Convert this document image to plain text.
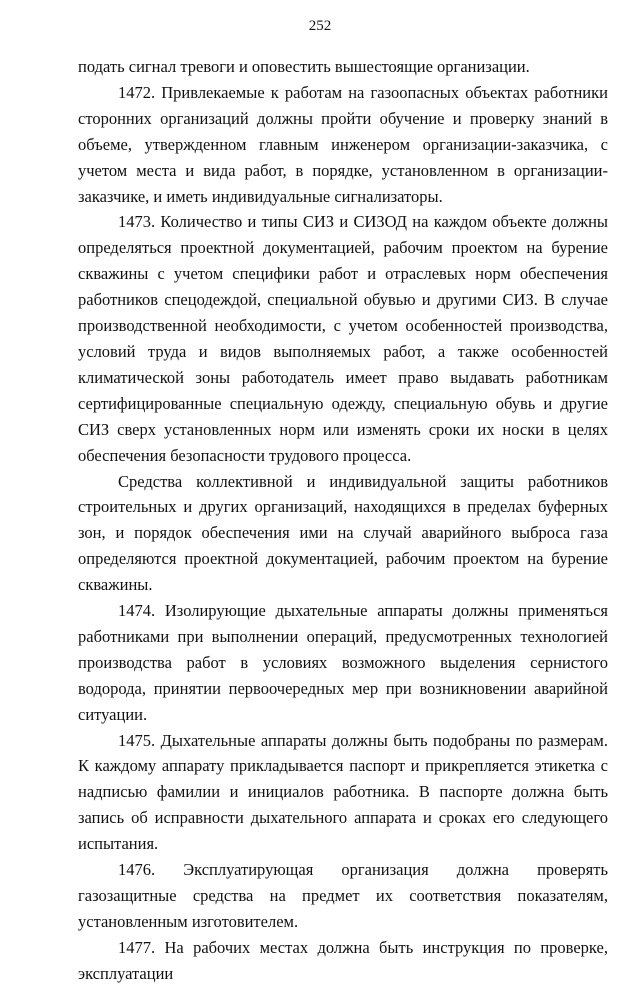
252

подать сигнал тревоги и оповестить вышестоящие организации.

1472. Привлекаемые к работам на газоопасных объектах работники сторонних организаций должны пройти обучение и проверку знаний в объеме, утвержденном главным инженером организации-заказчика, с учетом места и вида работ, в порядке, установленном в организации-заказчике, и иметь индивидуальные сигнализаторы.

1473. Количество и типы СИЗ и СИЗОД на каждом объекте должны определяться проектной документацией, рабочим проектом на бурение скважины с учетом специфики работ и отраслевых норм обеспечения работников спецодеждой, специальной обувью и другими СИЗ. В случае производственной необходимости, с учетом особенностей производства, условий труда и видов выполняемых работ, а также особенностей климатической зоны работодатель имеет право выдавать работникам сертифицированные специальную одежду, специальную обувь и другие СИЗ сверх установленных норм или изменять сроки их носки в целях обеспечения безопасности трудового процесса.

Средства коллективной и индивидуальной защиты работников строительных и других организаций, находящихся в пределах буферных зон, и порядок обеспечения ими на случай аварийного выброса газа определяются проектной документацией, рабочим проектом на бурение скважины.

1474. Изолирующие дыхательные аппараты должны применяться работниками при выполнении операций, предусмотренных технологией производства работ в условиях возможного выделения сернистого водорода, принятии первоочередных мер при возникновении аварийной ситуации.

1475. Дыхательные аппараты должны быть подобраны по размерам. К каждому аппарату прикладывается паспорт и прикрепляется этикетка с надписью фамилии и инициалов работника. В паспорте должна быть запись об исправности дыхательного аппарата и сроках его следующего испытания.

1476. Эксплуатирующая организация должна проверять газозащитные средства на предмет их соответствия показателям, установленным изготовителем.

1477. На рабочих местах должна быть инструкция по проверке, эксплуатации
